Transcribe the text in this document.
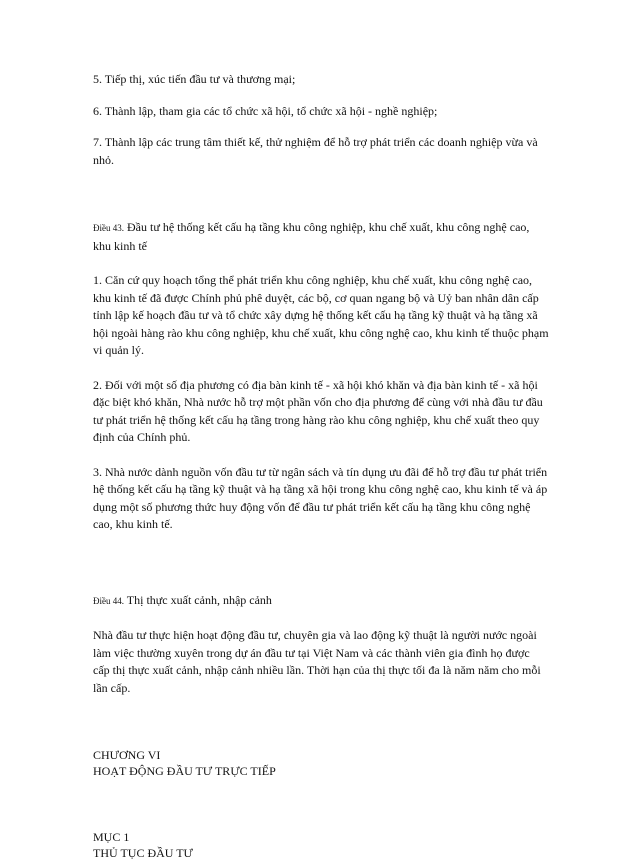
5. Tiếp thị, xúc tiến đầu tư và thương mại;

6. Thành lập, tham gia các tổ chức xã hội, tổ chức xã hội - nghề nghiệp;

7. Thành lập các trung tâm thiết kế, thử nghiệm để hỗ trợ phát triển các doanh nghiệp vừa và nhỏ.

Điều 43. Đầu tư hệ thống kết cấu hạ tầng khu công nghiệp, khu chế xuất, khu công nghệ cao, khu kinh tế

1. Căn cứ quy hoạch tổng thể phát triển khu công nghiệp, khu chế xuất, khu công nghệ cao, khu kinh tế đã được Chính phủ phê duyệt, các bộ, cơ quan ngang bộ và Uỷ ban nhân dân cấp tỉnh lập kế hoạch đầu tư và tổ chức xây dựng hệ thống kết cấu hạ tầng kỹ thuật và hạ tầng xã hội ngoài hàng rào khu công nghiệp, khu chế xuất, khu công nghệ cao, khu kinh tế thuộc phạm vi quản lý.

2. Đối với một số địa phương có địa bàn kinh tế - xã hội khó khăn và địa bàn kinh tế - xã hội đặc biệt khó khăn, Nhà nước hỗ trợ một phần vốn cho địa phương để cùng với nhà đầu tư đầu tư phát triển hệ thống kết cấu hạ tầng trong hàng rào khu công nghiệp, khu chế xuất theo quy định của Chính phủ.

3. Nhà nước dành nguồn vốn đầu tư từ ngân sách và tín dụng ưu đãi để hỗ trợ đầu tư phát triển hệ thống kết cấu hạ tầng kỹ thuật và hạ tầng xã hội trong khu công nghệ cao, khu kinh tế và áp dụng một số phương thức huy động vốn để đầu tư phát triển kết cấu hạ tầng khu công nghệ cao, khu kinh tế.

Điều 44. Thị thực xuất cảnh, nhập cảnh

Nhà đầu tư thực hiện hoạt động đầu tư, chuyên gia và lao động kỹ thuật là người nước ngoài làm việc thường xuyên trong dự án đầu tư tại Việt Nam và các thành viên gia đình họ được cấp thị thực xuất cảnh, nhập cảnh nhiều lần. Thời hạn của thị thực tối đa là năm năm cho mỗi lần cấp.

CHƯƠNG VI

HOẠT ĐỘNG ĐẦU TƯ TRỰC TIẾP

MỤC 1

THỦ TỤC ĐẦU TƯ
